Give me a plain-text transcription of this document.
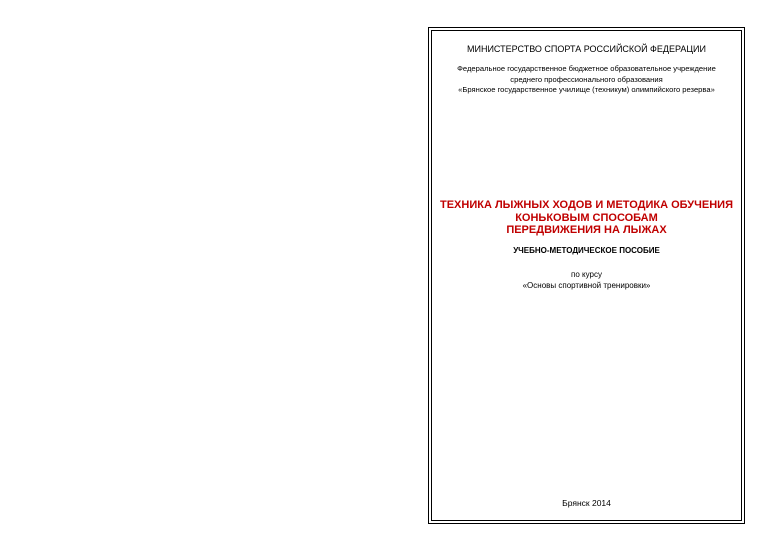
МИНИСТЕРСТВО СПОРТА РОССИЙСКОЙ ФЕДЕРАЦИИ
Федеральное государственное бюджетное образовательное учреждение
среднего профессионального образования
«Брянское государственное училище (техникум) олимпийского резерва»
ТЕХНИКА ЛЫЖНЫХ ХОДОВ И МЕТОДИКА ОБУЧЕНИЯ
КОНЬКОВЫМ СПОСОБАМ
ПЕРЕДВИЖЕНИЯ НА ЛЫЖАХ
УЧЕБНО-МЕТОДИЧЕСКОЕ ПОСОБИЕ
по курсу
«Основы спортивной тренировки»
Брянск 2014
